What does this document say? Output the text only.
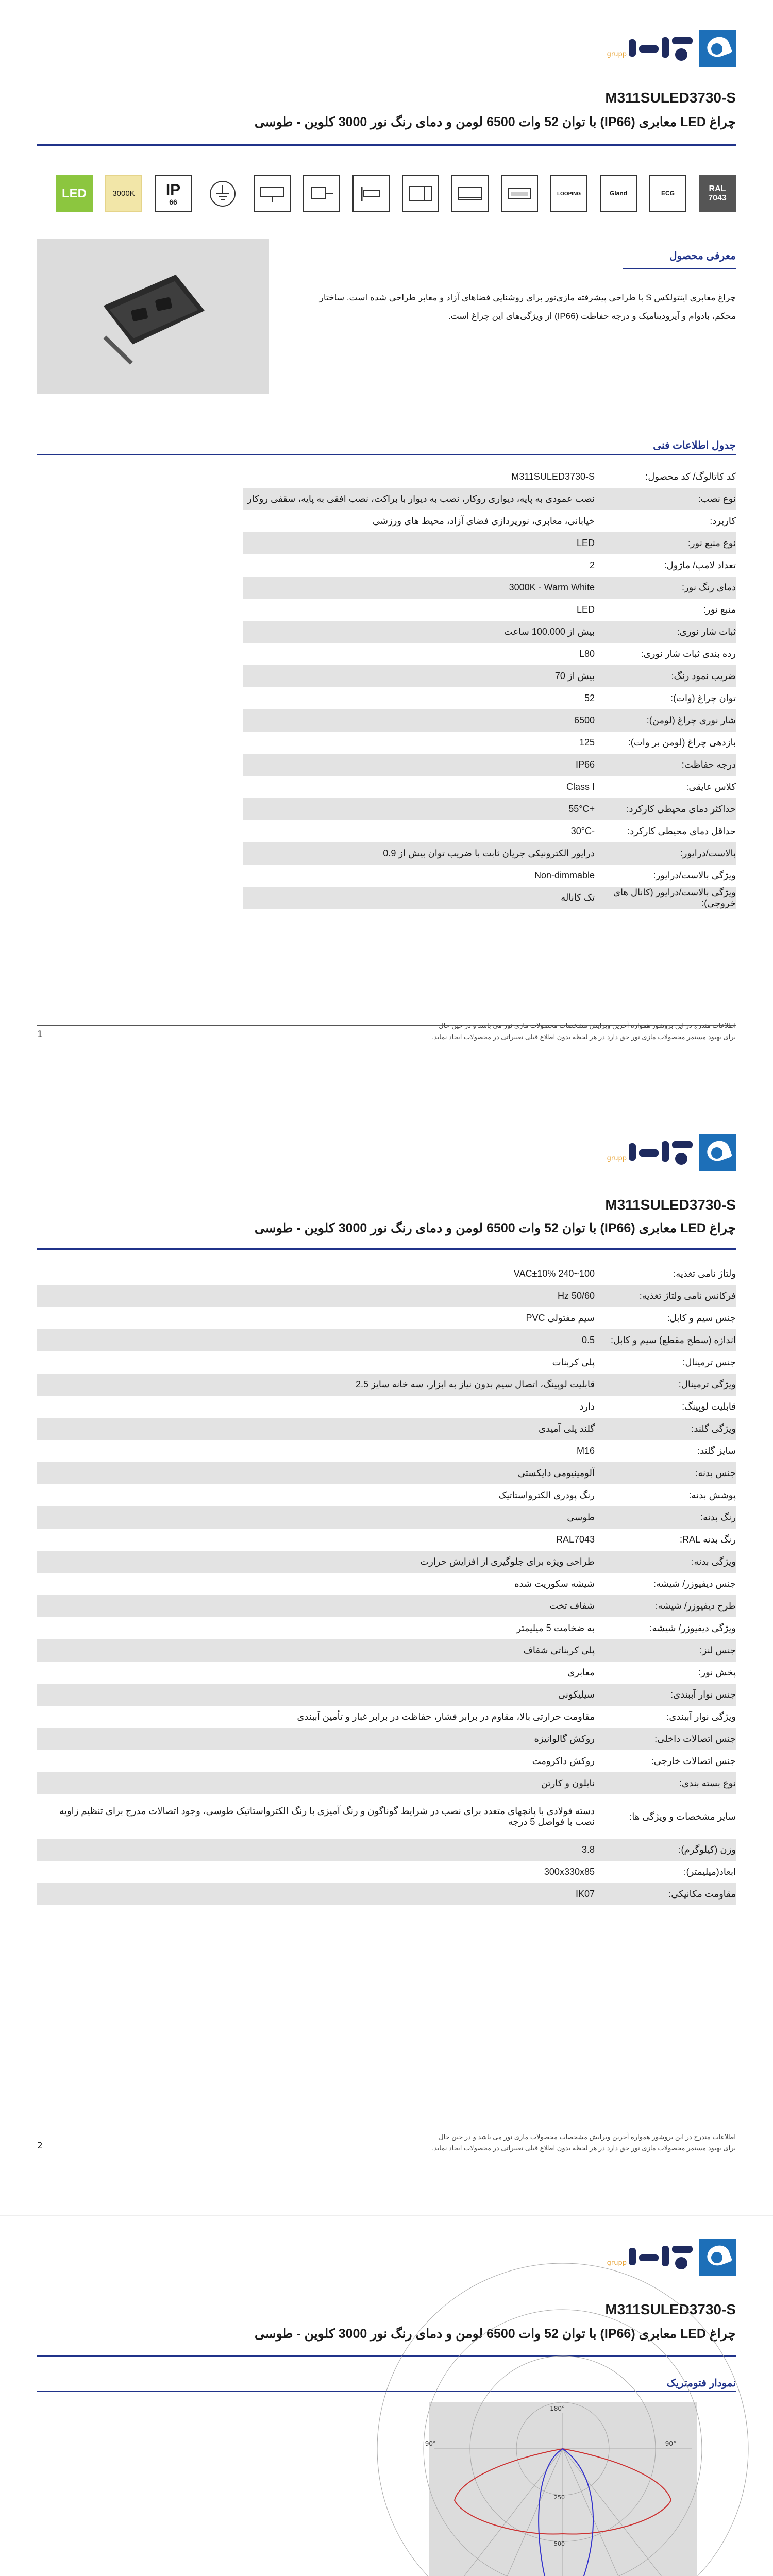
grupp
M311SULED3730-S
چراغ LED معابری (IP66) با توان 52 وات 6500 لومن و دمای رنگ نور 3000 کلوین - طوسی
RAL
7043
ECG
Gland
LOOPING
IP
66
3000K
LED
معرفی محصول
چراغ معابری اینتولکس S با طراحی پیشرفته مازی‌نور برای روشنایی فضاهای آزاد و معابر طراحی شده است. ساختار محکم، بادوام و آیرودینامیک و درجه حفاظت (IP66) از ویژگی‌های این چراغ است.
جدول اطلاعات فنی
کد کاتالوگ/ کد محصول:	M311SULED3730-S
نوع نصب:	نصب عمودی به پایه، دیواری روکار، نصب به دیوار با براکت، نصب افقی به پایه، سقفی روکار
کاربرد:	خیابانی، معابری، نورپردازی فضای آزاد، محیط های ورزشی
نوع منبع نور:	LED
تعداد لامپ/ ماژول:	2
دمای رنگ نور:	3000K - Warm White
منبع نور:	LED
ثبات شار نوری:	بیش از 100.000 ساعت
رده بندی ثبات شار نوری:	L80
ضریب نمود رنگ:	بیش از 70
توان چراغ (وات):	52
شار نوری چراغ (لومن):	6500
بازدهی چراغ (لومن بر وات):	125
درجه حفاظت:	IP66
کلاس عایقی:	Class I
حداکثر دمای محیطی کارکرد:	+55°C
حداقل دمای محیطی کارکرد:	-30°C
بالاست/درایور:	درایور الکترونیکی جریان ثابت با ضریب توان بیش از 0.9
ویژگی بالاست/درایور:	Non-dimmable
ویژگی بالاست/درایور (کانال های خروجی):	تک کاناله
اطلاعات مندرج در این بروشور همواره آخرین ویرایش مشخصات محصولات مازی نور می باشد و در حین حال
برای بهبود مستمر محصولات مازی نور حق دارد در هر لحظه بدون اطلاع قبلی تغییراتی در محصولات ایجاد نماید.
1
grupp
M311SULED3730-S
چراغ LED معابری (IP66) با توان 52 وات 6500 لومن و دمای رنگ نور 3000 کلوین - طوسی
ولتاژ نامی تغذیه:	100~240 VAC±10%
فرکانس نامی ولتاژ تغذیه:	50/60 Hz
جنس سیم و کابل:	سیم مفتولی PVC
اندازه (سطح مقطع) سیم و کابل:	0.5
جنس ترمینال:	پلی کربنات
ویژگی ترمینال:	قابلیت لوپینگ، اتصال سیم بدون نیاز به ابزار، سه خانه سایز 2.5
قابلیت لوپینگ:	دارد
ویژگی گلند:	گلند پلی آمیدی
سایز گلند:	M16
جنس بدنه:	آلومینیومی دایکستی
پوشش بدنه:	رنگ پودری الکترواستاتیک
رنگ بدنه:	طوسی
رنگ بدنه RAL:	RAL7043
ویژگی بدنه:	طراحی ویژه برای جلوگیری از افزایش حرارت
جنس دیفیوزر/ شیشه:	شیشه سکوریت شده
طرح دیفیوزر/ شیشه:	شفاف تخت
ویژگی دیفیوزر/ شیشه:	به ضخامت 5 میلیمتر
جنس لنز:	پلی کربناتی شفاف
پخش نور:	معابری
جنس نوار آببندی:	سیلیکونی
ویژگی نوار آببندی:	مقاومت حرارتی بالا، مقاوم در برابر فشار، حفاظت در برابر غبار و تأمین آببندی
جنس اتصالات داخلی:	روکش گالوانیزه
جنس اتصالات خارجی:	روکش داکرومت
نوع بسته بندی:	نایلون و کارتن
سایر مشخصات و ویژگی ها:	دسته فولادی با پانچهای متعدد برای نصب در شرایط گوناگون و رنگ آمیزی با رنگ الکترواستاتیک طوسی، وجود اتصالات مدرج برای تنظیم زاویه نصب با فواصل 5 درجه
وزن (کیلوگرم):	3.8
ابعاد(میلیمتر):	300x330x85
مقاومت مکانیکی:	IK07
اطلاعات مندرج در این بروشور همواره آخرین ویرایش مشخصات محصولات مازی نور می باشد و در حین حال
برای بهبود مستمر محصولات مازی نور حق دارد در هر لحظه بدون اطلاع قبلی تغییراتی در محصولات ایجاد نماید.
2
grupp
M311SULED3730-S
چراغ LED معابری (IP66) با توان 52 وات 6500 لومن و دمای رنگ نور 3000 کلوین - طوسی
نمودار فتومتریک
90°	90°
180°
250
500
